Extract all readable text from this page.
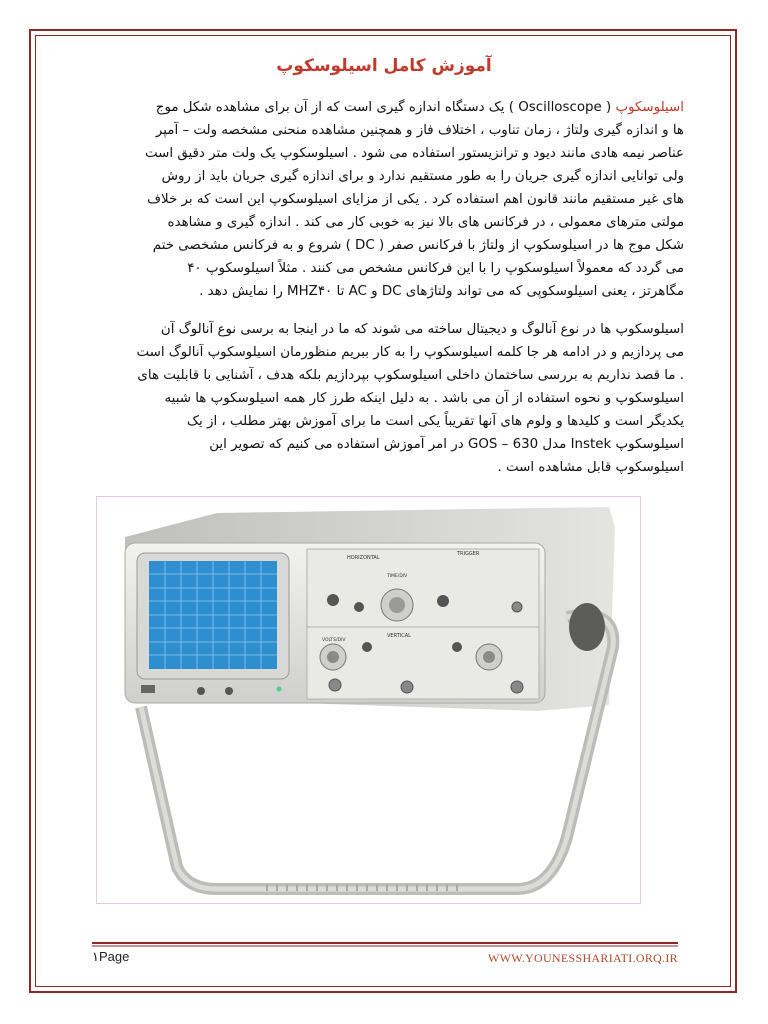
آموزش کامل اسیلوسکوپ
اسیلوسکوپ ( Oscilloscope ) یک دستگاه اندازه گیری است که از آن برای مشاهده شکل موج
ها و اندازه گیری ولتاژ ، زمان تناوب ، اختلاف فاز و همچنین مشاهده منحنی مشخصه ولت – آمپر
عناصر نیمه هادی مانند دیود و ترانزیستور استفاده می شود . اسیلوسکوپ یک ولت متر دقیق است
ولی توانایی اندازه گیری جریان را به طور مستقیم ندارد و برای اندازه گیری جریان باید از روش
های غیر مستقیم مانند قانون اهم استفاده کرد . یکی از مزایای اسیلوسکوپ این است که بر خلاف
مولتی مترهای معمولی ، در فرکانس های بالا نیز به خوبی کار می کند . اندازه گیری و مشاهده
شکل موج ها در اسیلوسکوپ از ولتاژ با فرکانس صفر ( DC ) شروع و به فرکانس مشخصی ختم
می گردد که معمولاً اسیلوسکوپ را با این فرکانس مشخص می کنند . مثلاً اسیلوسکوپ ۴۰
مگاهرتز ، یعنی اسیلوسکوپی که می تواند ولتاژهای DC و AC تا MHZ۴۰ را نمایش دهد .
اسیلوسکوپ ها در نوع آنالوگ و دیجیتال ساخته می شوند که ما در اینجا به برسی نوع آنالوگ آن
می پردازیم و در ادامه هر جا کلمه اسیلوسکوپ را به کار ببریم منظورمان اسیلوسکوپ آنالوگ است
. ما قصد نداریم به بررسی ساختمان داخلی اسیلوسکوپ بپردازیم بلکه هدف ، آشنایی با قابلیت های
اسیلوسکوپ و نحوه استفاده از آن می باشد . به دلیل اینکه طرز کار همه اسیلوسکوپ ها شبیه
یکدیگر است و کلیدها و ولوم های آنها تقریباً یکی است ما برای آموزش بهتر مطلب ، از یک
اسیلوسکوپ Instek مدل GOS – 630 در امر آموزش استفاده می کنیم که تصویر این
اسیلوسکوپ قابل مشاهده است .
HORIZONTAL
TRIGGER
TIME/DIV
VERTICAL
VOLTS/DIV
۱Page	WWW.YOUNESSHARIATI.ORQ.IR
